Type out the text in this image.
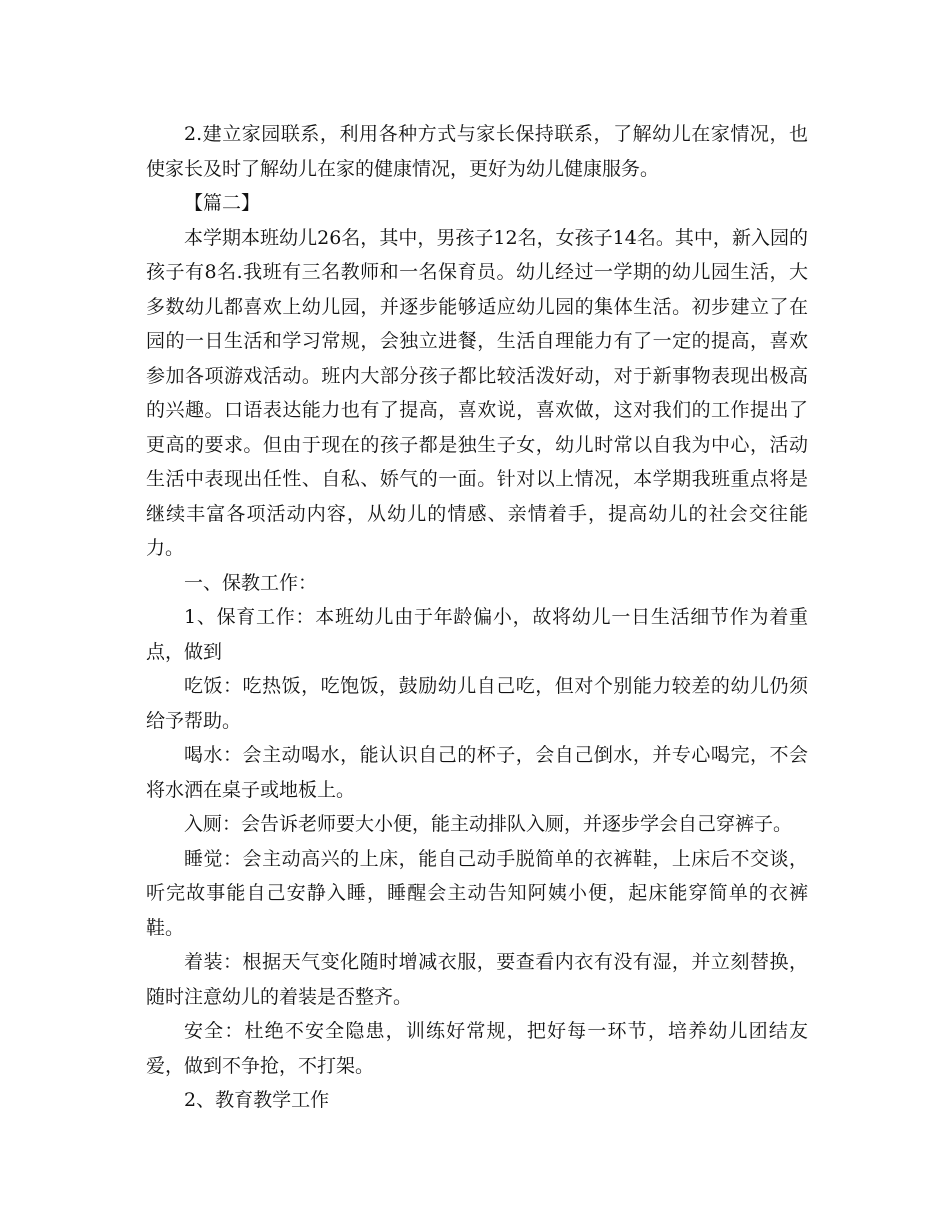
2.建立家园联系，利用各种方式与家长保持联系，了解幼儿在家情况，也使家长及时了解幼儿在家的健康情况，更好为幼儿健康服务。

【篇二】

本学期本班幼儿26名，其中，男孩子12名，女孩子14名。其中，新入园的孩子有8名.我班有三名教师和一名保育员。幼儿经过一学期的幼儿园生活，大多数幼儿都喜欢上幼儿园，并逐步能够适应幼儿园的集体生活。初步建立了在园的一日生活和学习常规，会独立进餐，生活自理能力有了一定的提高，喜欢参加各项游戏活动。班内大部分孩子都比较活泼好动，对于新事物表现出极高的兴趣。口语表达能力也有了提高，喜欢说，喜欢做，这对我们的工作提出了更高的要求。但由于现在的孩子都是独生子女，幼儿时常以自我为中心，活动生活中表现出任性、自私、娇气的一面。针对以上情况，本学期我班重点将是继续丰富各项活动内容，从幼儿的情感、亲情着手，提高幼儿的社会交往能力。

一、保教工作：

1、保育工作：本班幼儿由于年龄偏小，故将幼儿一日生活细节作为着重点，做到

吃饭：吃热饭，吃饱饭，鼓励幼儿自己吃，但对个别能力较差的幼儿仍须给予帮助。

喝水：会主动喝水，能认识自己的杯子，会自己倒水，并专心喝完，不会将水洒在桌子或地板上。

入厕：会告诉老师要大小便，能主动排队入厕，并逐步学会自己穿裤子。

睡觉：会主动高兴的上床，能自己动手脱简单的衣裤鞋，上床后不交谈，听完故事能自己安静入睡，睡醒会主动告知阿姨小便，起床能穿简单的衣裤鞋。

着装：根据天气变化随时增减衣服，要查看内衣有没有湿，并立刻替换，随时注意幼儿的着装是否整齐。

安全：杜绝不安全隐患，训练好常规，把好每一环节，培养幼儿团结友爱，做到不争抢，不打架。

2、教育教学工作
